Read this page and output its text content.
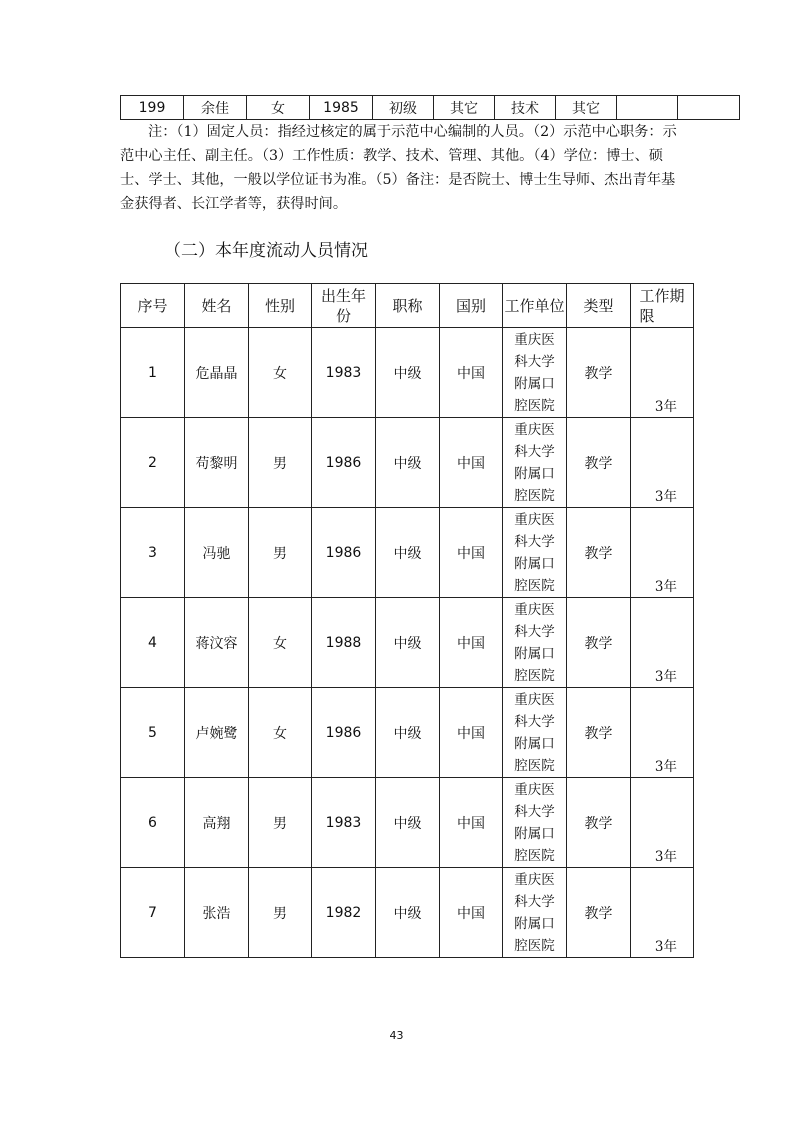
199	余佳	女	1985	初级	其它	技术	其它		
注：（1）固定人员：指经过核定的属于示范中心编制的人员。（2）示范中心职务：示范中心主任、副主任。（3）工作性质：教学、技术、管理、其他。（4）学位：博士、硕士、学士、其他，一般以学位证书为准。（5）备注：是否院士、博士生导师、杰出青年基金获得者、长江学者等，获得时间。
（二）本年度流动人员情况
序号	姓名	性别	出生年份	职称	国别	工作单位	类型	工作期限

1	危晶晶	女	1983	中级	中国	重庆医科大学附属口腔医院	教学	3年
2	苟黎明	男	1986	中级	中国	重庆医科大学附属口腔医院	教学	3年
3	冯驰	男	1986	中级	中国	重庆医科大学附属口腔医院	教学	3年
4	蒋汶容	女	1988	中级	中国	重庆医科大学附属口腔医院	教学	3年
5	卢婉鹭	女	1986	中级	中国	重庆医科大学附属口腔医院	教学	3年
6	高翔	男	1983	中级	中国	重庆医科大学附属口腔医院	教学	3年
7	张浩	男	1982	中级	中国	重庆医科大学附属口腔医院	教学	3年
43
